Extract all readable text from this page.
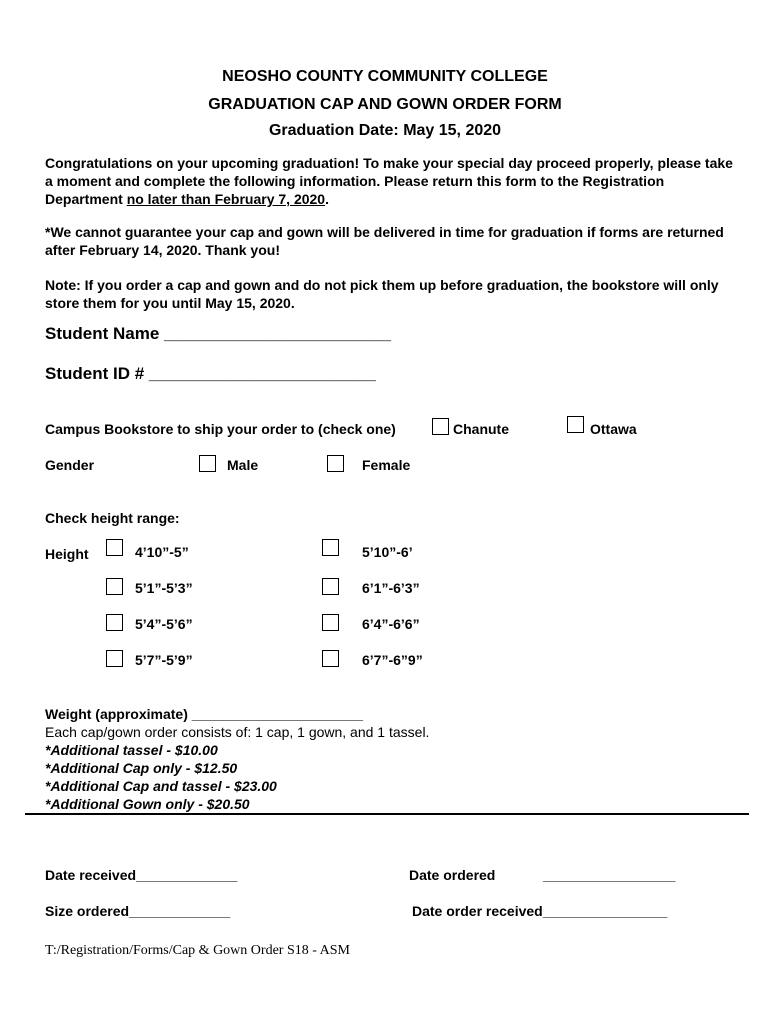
NEOSHO COUNTY COMMUNITY COLLEGE
GRADUATION CAP AND GOWN ORDER FORM
Graduation Date: May 15, 2020
Congratulations on your upcoming graduation! To make your special day proceed properly, please take a moment and complete the following information. Please return this form to the Registration Department no later than February 7, 2020.
*We cannot guarantee your cap and gown will be delivered in time for graduation if forms are returned after February 14, 2020. Thank you!
Note: If you order a cap and gown and do not pick them up before graduation, the bookstore will only store them for you until May 15, 2020.
Student Name ________________________
Student ID # ________________________
Campus Bookstore to ship your order to (check one)	Chanute	Ottawa
Gender	Male	Female
Check height range:
Height	4’10”-5”	5’10”-6’
5’1”-5’3”	6’1”-6’3”
5’4”-5’6”	6’4”-6’6”
5’7”-5’9”	6’7”-6”9”
Weight (approximate) ______________________
Each cap/gown order consists of: 1 cap, 1 gown, and 1 tassel.
*Additional tassel - $10.00
*Additional Cap only - $12.50
*Additional Cap and tassel - $23.00
*Additional Gown only - $20.50
Date received_____________	Date ordered	_________________
Size ordered_____________	Date order received________________
T:/Registration/Forms/Cap & Gown Order S18 - ASM
